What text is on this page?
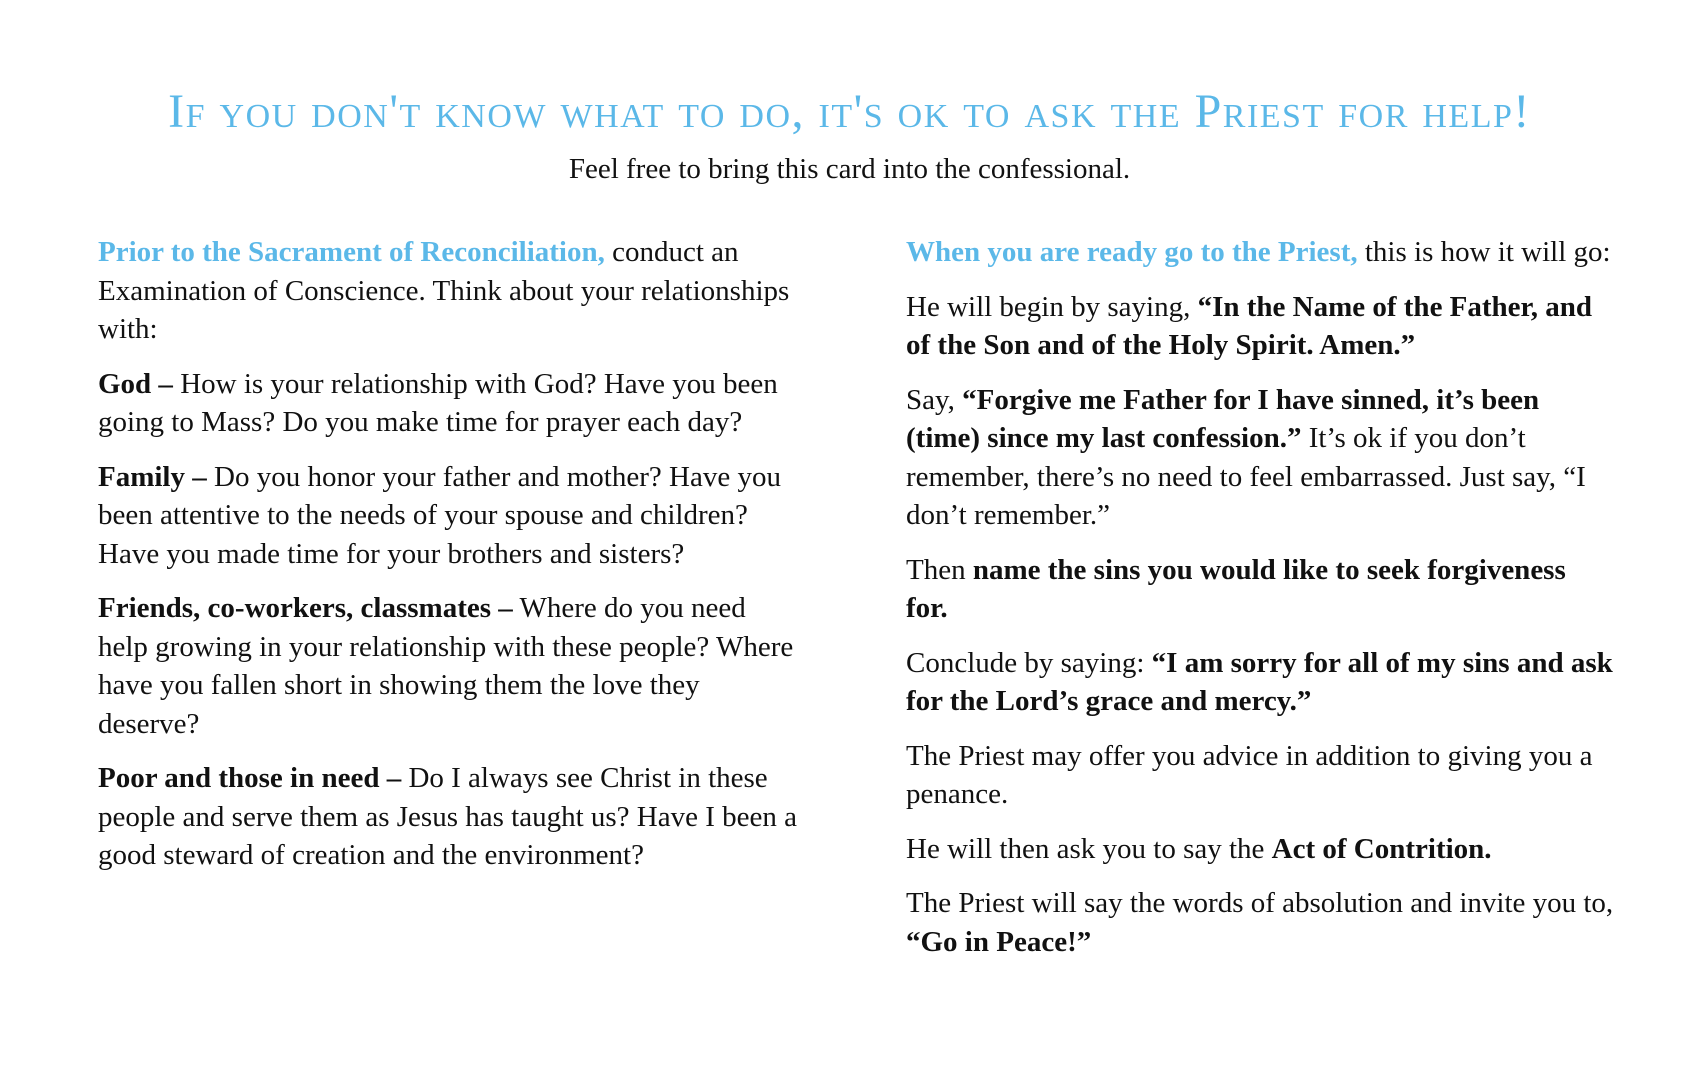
If you don't know what to do, it's ok to ask the Priest for help!
Feel free to bring this card into the confessional.

Prior to the Sacrament of Reconciliation, conduct an Examination of Conscience. Think about your relationships with:

God – How is your relationship with God? Have you been going to Mass? Do you make time for prayer each day?

Family – Do you honor your father and mother? Have you been attentive to the needs of your spouse and children? Have you made time for your brothers and sisters?

Friends, co-workers, classmates – Where do you need help growing in your relationship with these people? Where have you fallen short in showing them the love they deserve?

Poor and those in need – Do I always see Christ in these people and serve them as Jesus has taught us? Have I been a good steward of creation and the environment?

When you are ready go to the Priest, this is how it will go:

He will begin by saying, “In the Name of the Father, and of the Son and of the Holy Spirit. Amen.”

Say, “Forgive me Father for I have sinned, it’s been (time) since my last confession.” It’s ok if you don’t remember, there’s no need to feel embarrassed. Just say, “I don’t remember.”

Then name the sins you would like to seek forgiveness for.

Conclude by saying: “I am sorry for all of my sins and ask for the Lord’s grace and mercy.”

The Priest may offer you advice in addition to giving you a penance.

He will then ask you to say the Act of Contrition.

The Priest will say the words of absolution and invite you to, “Go in Peace!”
